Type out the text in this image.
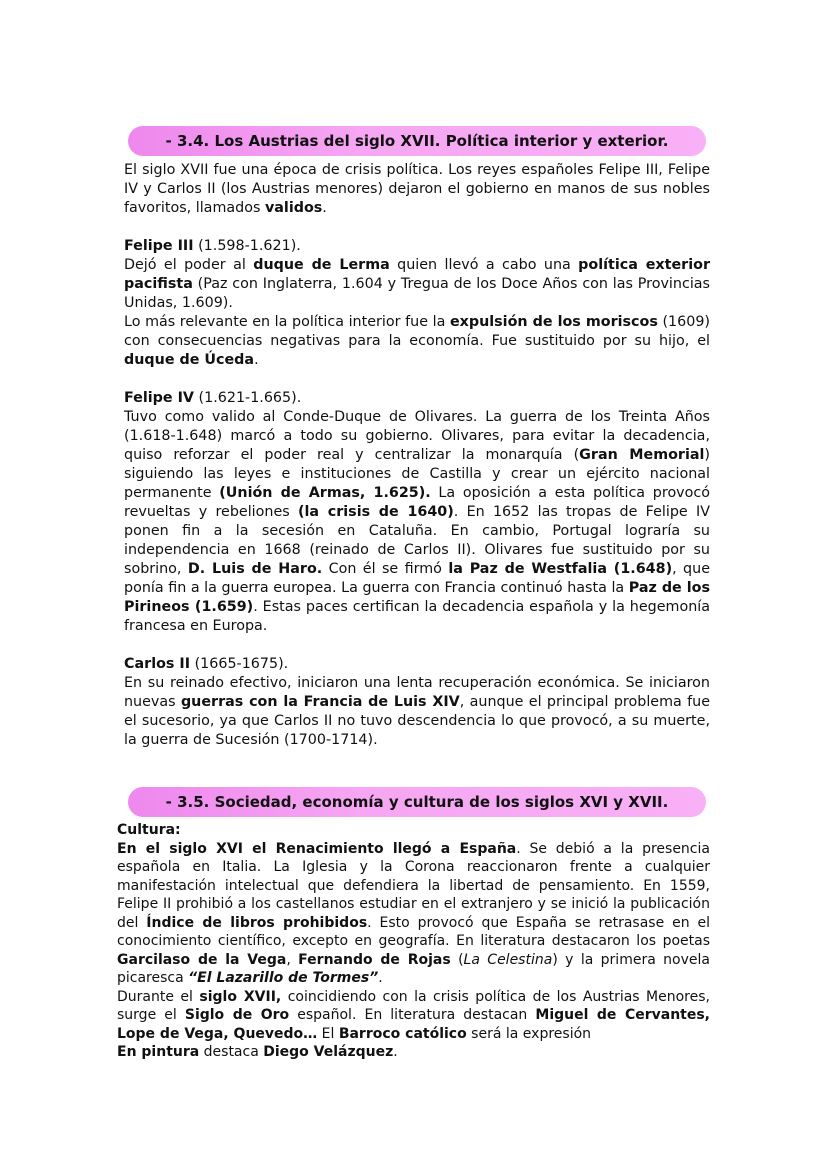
- 3.4. Los Austrias del siglo XVII. Política interior y exterior.

El siglo XVII fue una época de crisis política. Los reyes españoles Felipe III, Felipe IV y Carlos II (los Austrias menores) dejaron el gobierno en manos de sus nobles favoritos, llamados validos.

Felipe III (1.598-1.621).

Dejó el poder al duque de Lerma quien llevó a cabo una política exterior pacifista (Paz con Inglaterra, 1.604 y Tregua de los Doce Años con las Provincias Unidas, 1.609).

Lo más relevante en la política interior fue la expulsión de los moriscos (1609) con consecuencias negativas para la economía. Fue sustituido por su hijo, el duque de Úceda.

Felipe IV (1.621-1.665).

Tuvo como valido al Conde-Duque de Olivares. La guerra de los Treinta Años (1.618-1.648) marcó a todo su gobierno. Olivares, para evitar la decadencia, quiso reforzar el poder real y centralizar la monarquía (Gran Memorial) siguiendo las leyes e instituciones de Castilla y crear un ejército nacional permanente (Unión de Armas, 1.625). La oposición a esta política provocó revueltas y rebeliones (la crisis de 1640). En 1652 las tropas de Felipe IV ponen fin a la secesión en Cataluña. En cambio, Portugal lograría su independencia en 1668 (reinado de Carlos II). Olivares fue sustituido por su sobrino, D. Luis de Haro. Con él se firmó la Paz de Westfalia (1.648), que ponía fin a la guerra europea. La guerra con Francia continuó hasta la Paz de los Pirineos (1.659). Estas paces certifican la decadencia española y la hegemonía francesa en Europa.

Carlos II (1665-1675).

En su reinado efectivo, iniciaron una lenta recuperación económica. Se iniciaron nuevas guerras con la Francia de Luis XIV, aunque el principal problema fue el sucesorio, ya que Carlos II no tuvo descendencia lo que provocó, a su muerte, la guerra de Sucesión (1700-1714).

- 3.5. Sociedad, economía y cultura de los siglos XVI y XVII.

Cultura:

En el siglo XVI el Renacimiento llegó a España. Se debió a la presencia española en Italia. La Iglesia y la Corona reaccionaron frente a cualquier manifestación intelectual que defendiera la libertad de pensamiento. En 1559, Felipe II prohibió a los castellanos estudiar en el extranjero y se inició la publicación del Índice de libros prohibidos. Esto provocó que España se retrasase en el conocimiento científico, excepto en geografía. En literatura destacaron los poetas Garcilaso de la Vega, Fernando de Rojas (La Celestina) y la primera novela picaresca “El Lazarillo de Tormes”.

Durante el siglo XVII, coincidiendo con la crisis política de los Austrias Menores, surge el Siglo de Oro español. En literatura destacan Miguel de Cervantes, Lope de Vega, Quevedo… El Barroco católico será la expresión

En pintura destaca Diego Velázquez.
